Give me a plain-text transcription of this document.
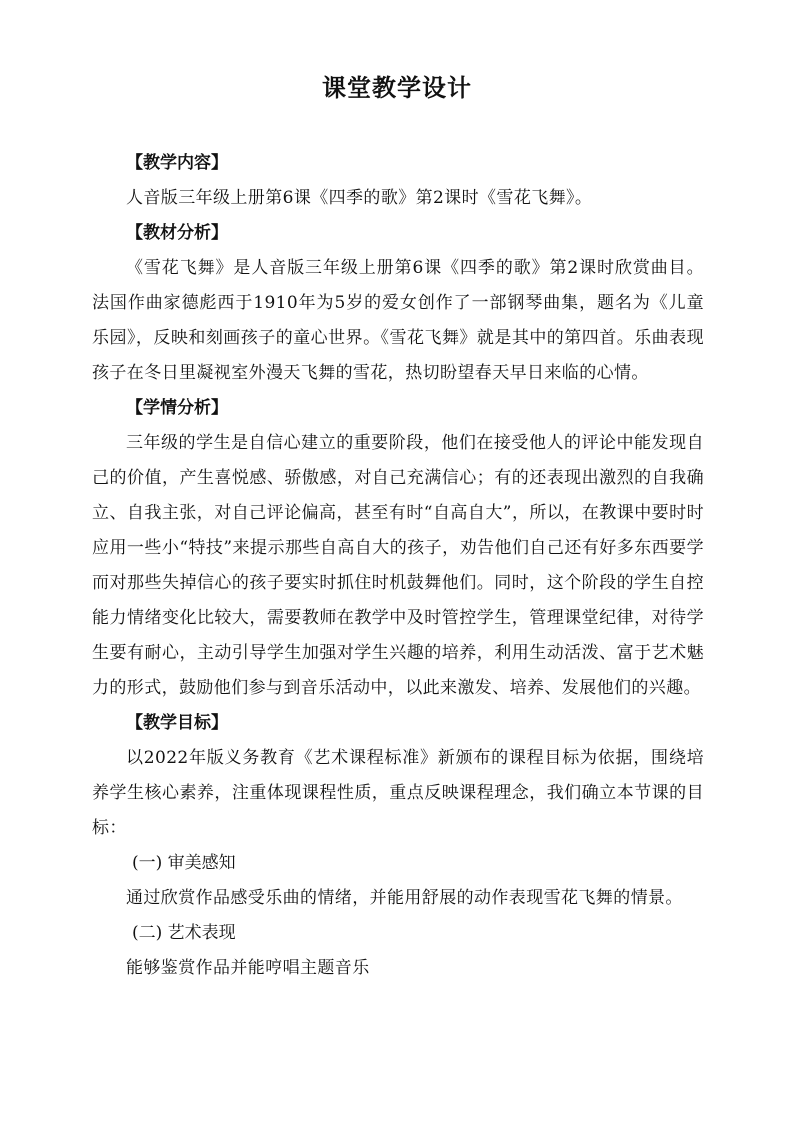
课堂教学设计

【教学内容】

人音版三年级上册第6课《四季的歌》第2课时《雪花飞舞》。

【教材分析】

《雪花飞舞》是人音版三年级上册第6课《四季的歌》第2课时欣赏曲目。法国作曲家德彪西于1910年为5岁的爱女创作了一部钢琴曲集，题名为《儿童乐园》，反映和刻画孩子的童心世界。《雪花飞舞》就是其中的第四首。乐曲表现孩子在冬日里凝视室外漫天飞舞的雪花，热切盼望春天早日来临的心情。

【学情分析】

三年级的学生是自信心建立的重要阶段，他们在接受他人的评论中能发现自己的价值，产生喜悦感、骄傲感，对自己充满信心；有的还表现出激烈的自我确立、自我主张，对自己评论偏高，甚至有时“自高自大”，所以，在教课中要时时应用一些小“特技”来提示那些自高自大的孩子，劝告他们自己还有好多东西要学而对那些失掉信心的孩子要实时抓住时机鼓舞他们。同时，这个阶段的学生自控能力情绪变化比较大，需要教师在教学中及时管控学生，管理课堂纪律，对待学生要有耐心，主动引导学生加强对学生兴趣的培养，利用生动活泼、富于艺术魅力的形式，鼓励他们参与到音乐活动中，以此来激发、培养、发展他们的兴趣。

【教学目标】

以2022年版义务教育《艺术课程标准》新颁布的课程目标为依据，围绕培养学生核心素养，注重体现课程性质，重点反映课程理念，我们确立本节课的目标：

(一) 审美感知

通过欣赏作品感受乐曲的情绪，并能用舒展的动作表现雪花飞舞的情景。

(二) 艺术表现

能够鉴赏作品并能哼唱主题音乐
